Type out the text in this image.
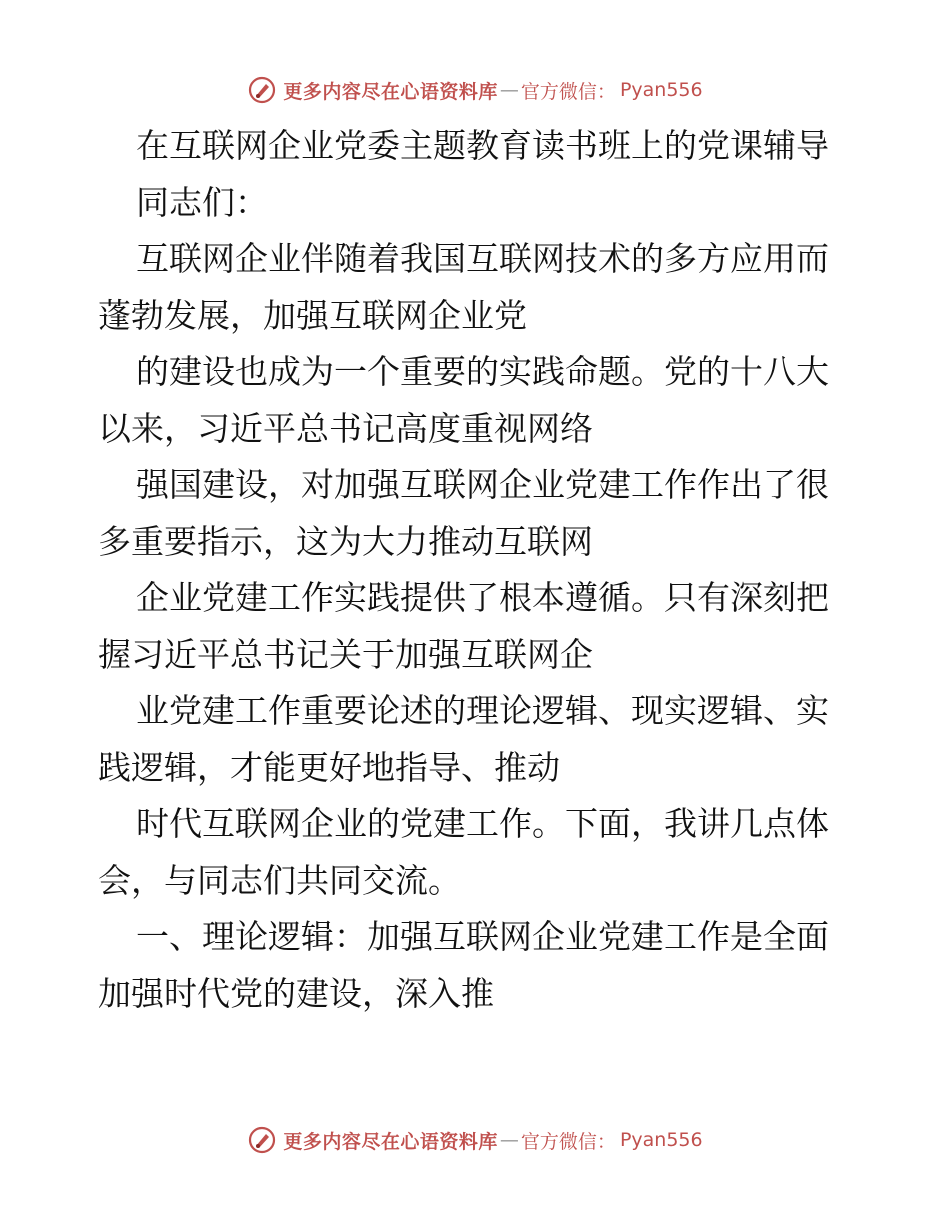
更多内容尽在心语资料库 — 官方微信： Pyan556

在互联网企业党委主题教育读书班上的党课辅导

同志们：

互联网企业伴随着我国互联网技术的多方应用而蓬勃发展，加强互联网企业党

的建设也成为一个重要的实践命题。党的十八大以来，习近平总书记高度重视网络

强国建设，对加强互联网企业党建工作作出了很多重要指示，这为大力推动互联网

企业党建工作实践提供了根本遵循。只有深刻把握习近平总书记关于加强互联网企

业党建工作重要论述的理论逻辑、现实逻辑、实践逻辑，才能更好地指导、推动

时代互联网企业的党建工作。下面，我讲几点体会，与同志们共同交流。

一、理论逻辑：加强互联网企业党建工作是全面加强时代党的建设，深入推

更多内容尽在心语资料库 — 官方微信： Pyan556
